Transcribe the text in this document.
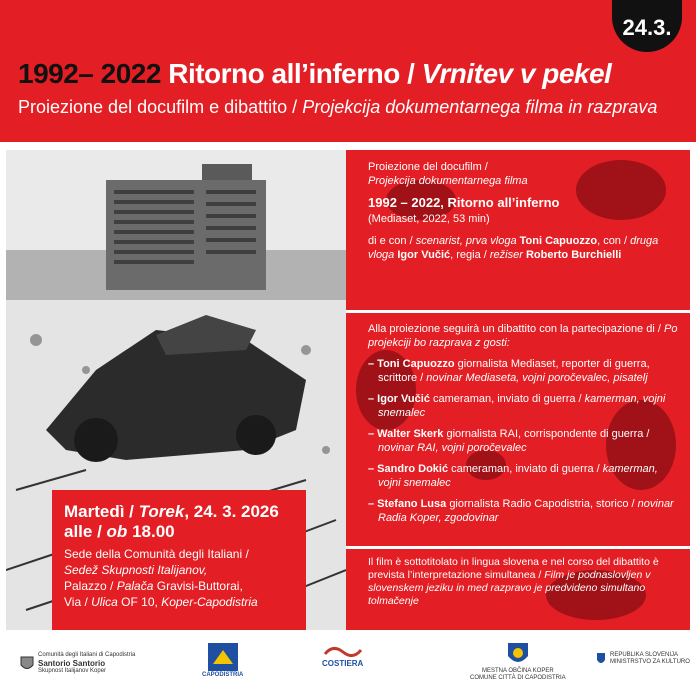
24.3.
1992– 2022 Ritorno all’inferno / Vrnitev v pekel
Proiezione del docufilm e dibattito / Projekcija dokumentarnega filma in razprava
Martedì / Torek, 24. 3. 2026
alle / ob 18.00
Sede della Comunità degli Italiani /
Sedež Skupnosti Italijanov,
Palazzo / Palača Gravisi-Buttorai,
Via / Ulica OF 10, Koper-Capodistria
Proiezione del docufilm /
Projekcija dokumentarnega filma
1992 – 2022, Ritorno all’inferno
(Mediaset, 2022, 53 min)
di e con / scenarist, prva vloga Toni Capuozzo, con / druga vloga Igor Vučić, regia / režiser Roberto Burchielli
Alla proiezione seguirà un dibattito con la partecipazione di / Po projekciji bo razprava z gosti:
– Toni Capuozzo giornalista Mediaset, reporter di guerra, scrittore / novinar Mediaseta, vojni poročevalec, pisatelj
– Igor Vučić cameraman, inviato di guerra / kamerman, vojni snemalec
– Walter Skerk giornalista RAI, corrispondente di guerra / novinar RAI, vojni poročevalec
– Sandro Dokić cameraman, inviato di guerra / kamerman, vojni snemalec
– Stefano Lusa giornalista Radio Capodistria, storico / novinar Radia Koper, zgodovinar
Il film è sottotitolato in lingua slovena e nel corso del dibattito è prevista l’interpretazione simultanea / Film je podnaslovljen v slovenskem jeziku in med razpravo je predvideno simultano tolmačenje
Comunità degli Italiani di Capodistria
Santorio Santorio
Skupnost Italijanov Koper
CAPODISTRIA
COSTIERA
MESTNA OBČINA KOPER
COMUNE CITTÀ DI CAPODISTRIA
REPUBLIKA SLOVENIJA
MINISTRSTVO ZA KULTURO
